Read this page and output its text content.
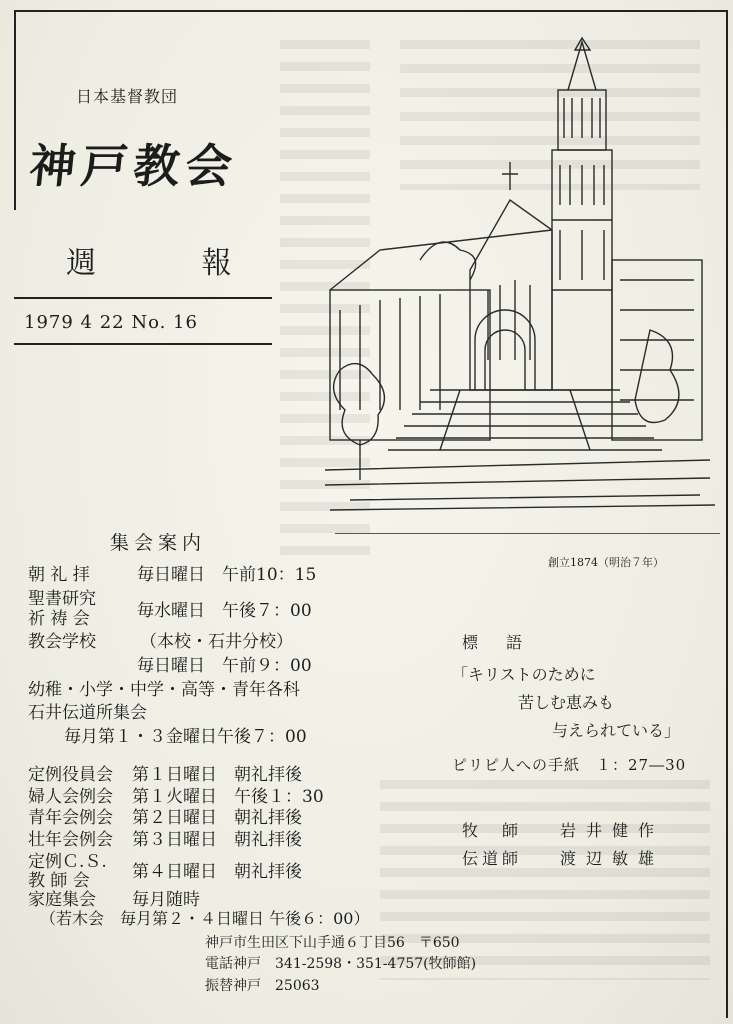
日本基督教団
神戸教会
週 報
1979 4 22 No. 16
創立1874（明治７年）
集会案内
朝 礼 拝	毎日曜日　午前10：15
聖書研究
祈 祷 会	毎水曜日　午後７：00
教会学校	（本校・石井分校）
毎日曜日　午前９：00
幼稚・小学・中学・高等・青年各科
石井伝道所集会
毎月第１・３金曜日午後７：00
定例役員会 第１日曜日　朝礼拝後
婦人会例会 第１火曜日　午後１：30
青年会例会 第２日曜日　朝礼拝後
壮年会例会 第３日曜日　朝礼拝後
定例Ｃ.Ｓ.
教 師 会 第４日曜日　朝礼拝後
家庭集会 毎月随時
（若木会　毎月第２・４日曜日 午後６：00）
標語
「キリストのために
苦しむ恵みも
与えられている」
ピリピ人への手紙　１：27―30
牧　師 岩井健作
伝道師 渡辺敏雄
神戸市生田区下山手通６丁目56　〒650
電話神戸　341-2598・351-4757(牧師館)
振替神戸　25063
